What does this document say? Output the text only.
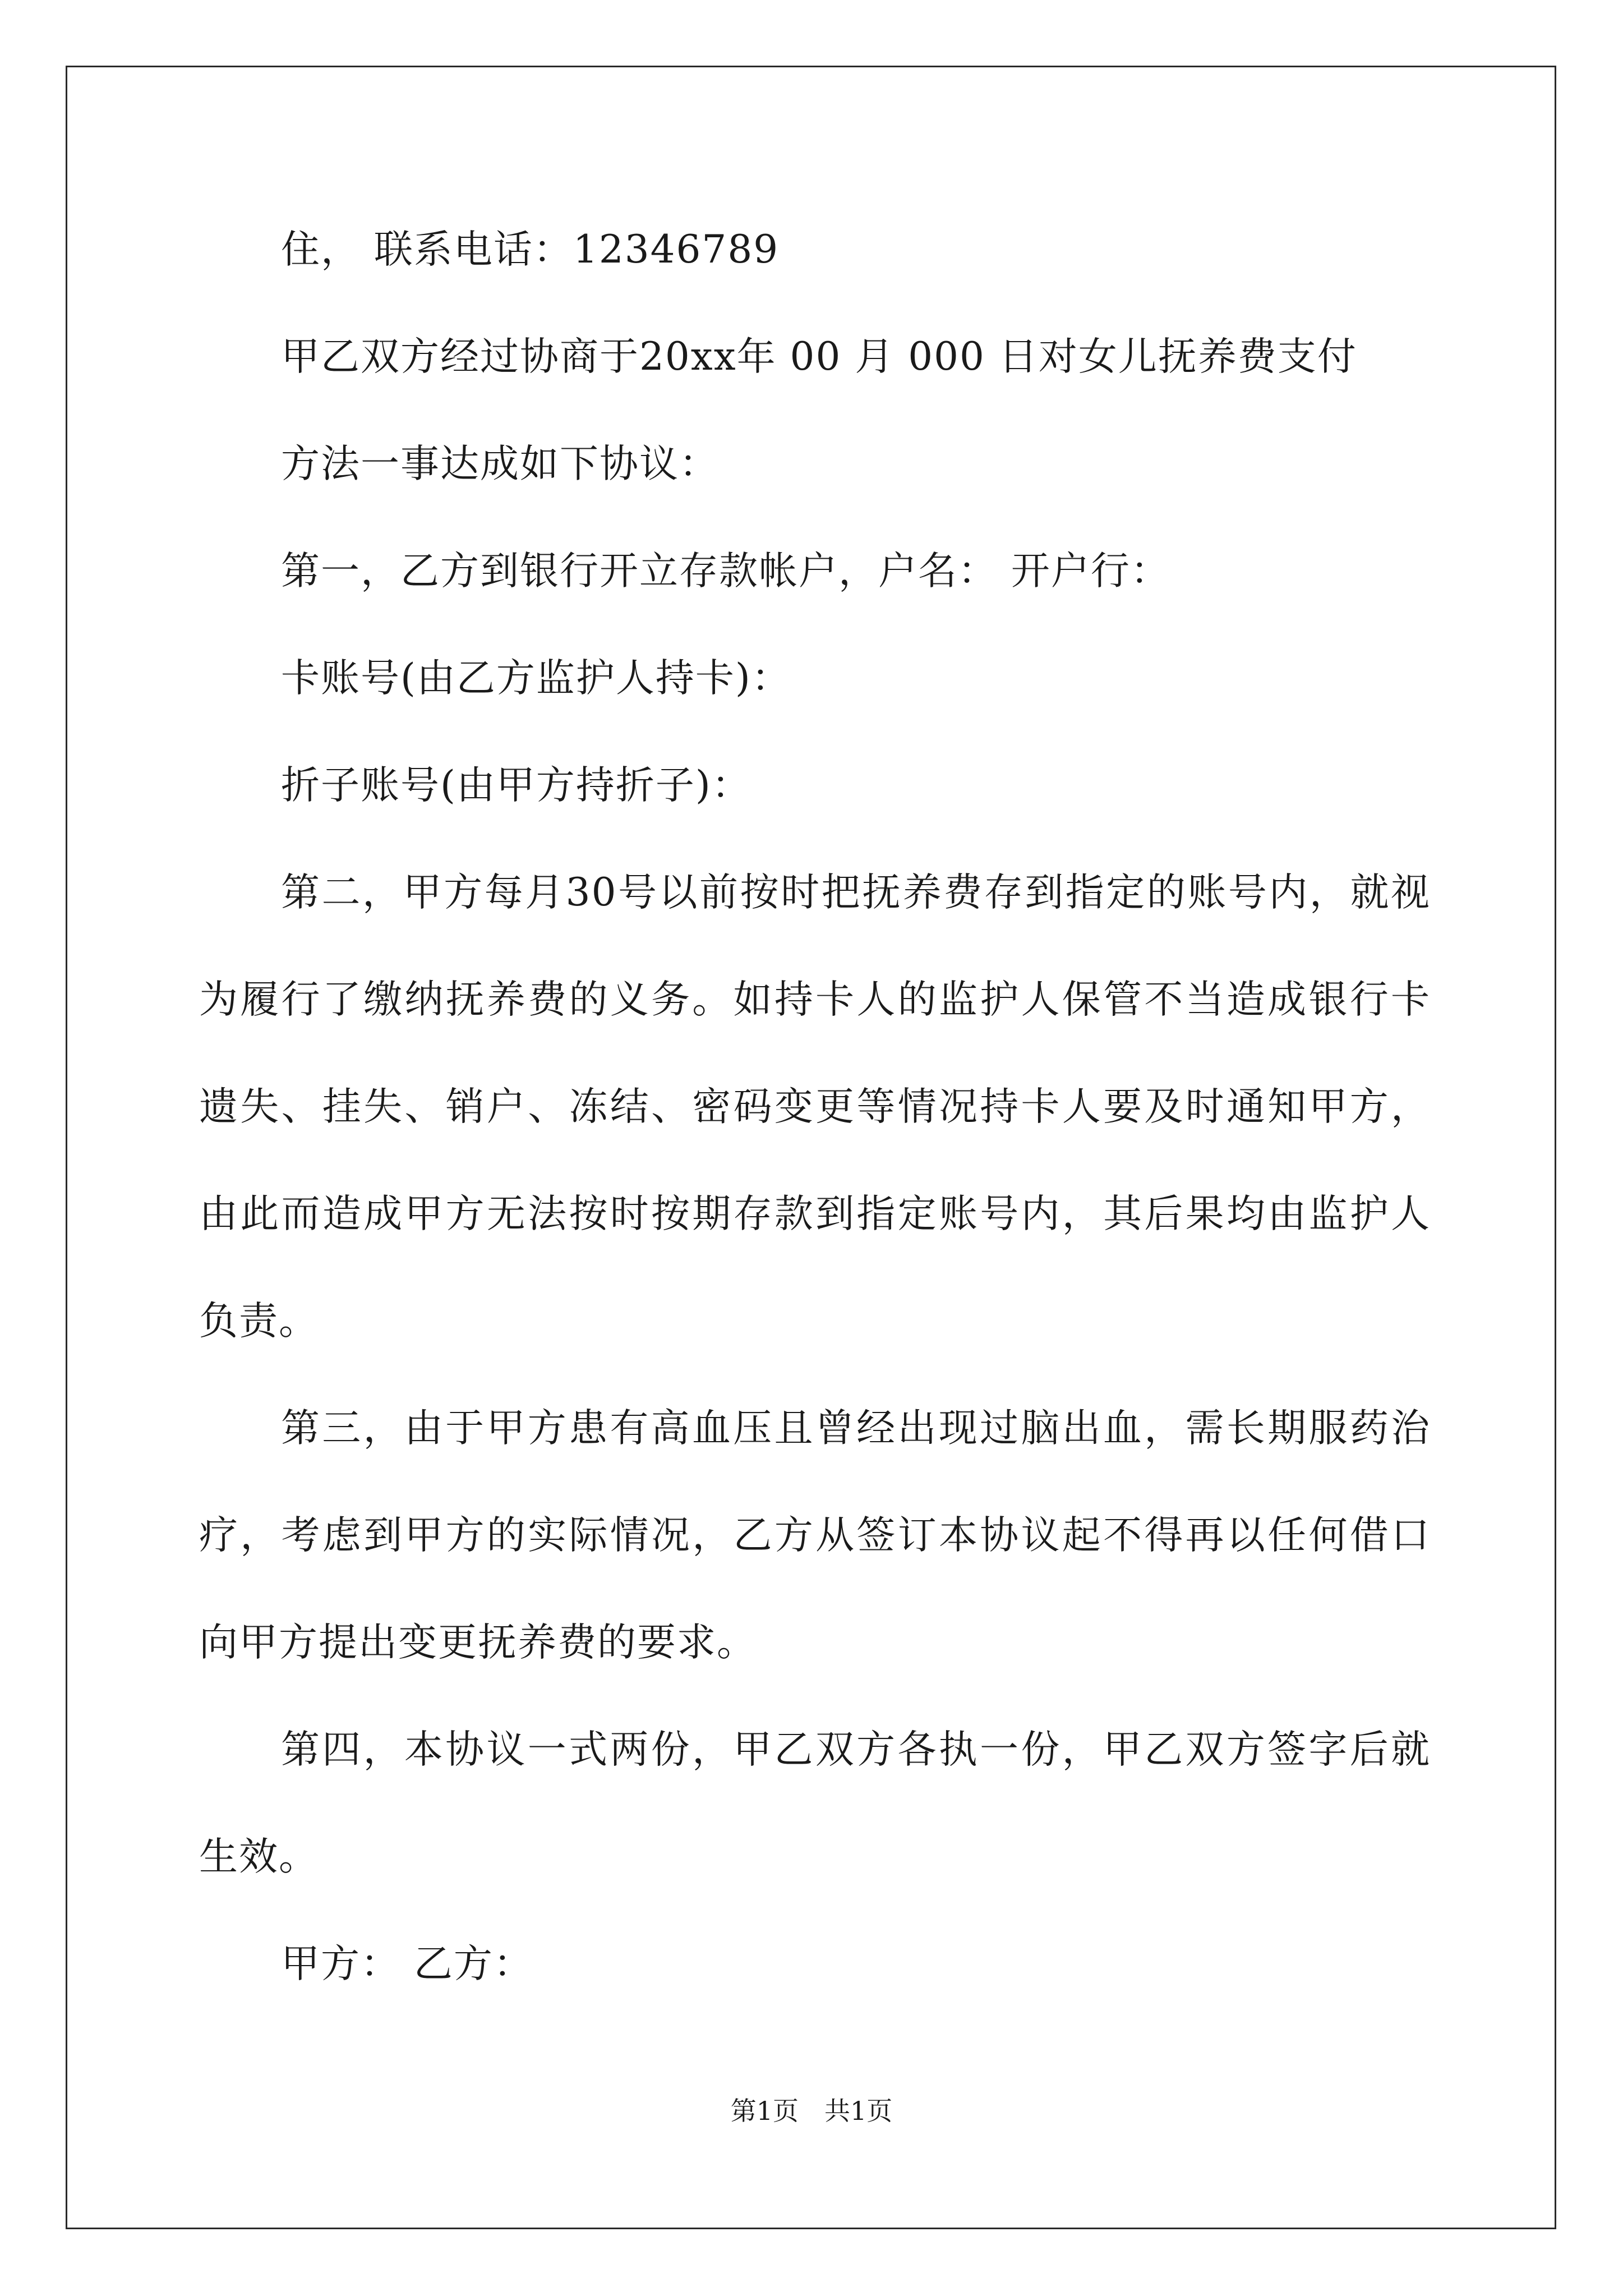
住， 联系电话：12346789
甲乙双方经过协商于20xx年 00 月 000 日对女儿抚养费支付
方法一事达成如下协议：
第一，乙方到银行开立存款帐户，户名： 开户行：
卡账号(由乙方监护人持卡)：
折子账号(由甲方持折子)：
第二，甲方每月30号以前按时把抚养费存到指定的账号内，就视
为履行了缴纳抚养费的义务。如持卡人的监护人保管不当造成银行卡
遗失、挂失、销户、冻结、密码变更等情况持卡人要及时通知甲方，
由此而造成甲方无法按时按期存款到指定账号内，其后果均由监护人
负责。
第三，由于甲方患有高血压且曾经出现过脑出血，需长期服药治
疗，考虑到甲方的实际情况，乙方从签订本协议起不得再以任何借口
向甲方提出变更抚养费的要求。
第四，本协议一式两份，甲乙双方各执一份，甲乙双方签字后就
生效。
甲方： 乙方：
第1页 共1页
